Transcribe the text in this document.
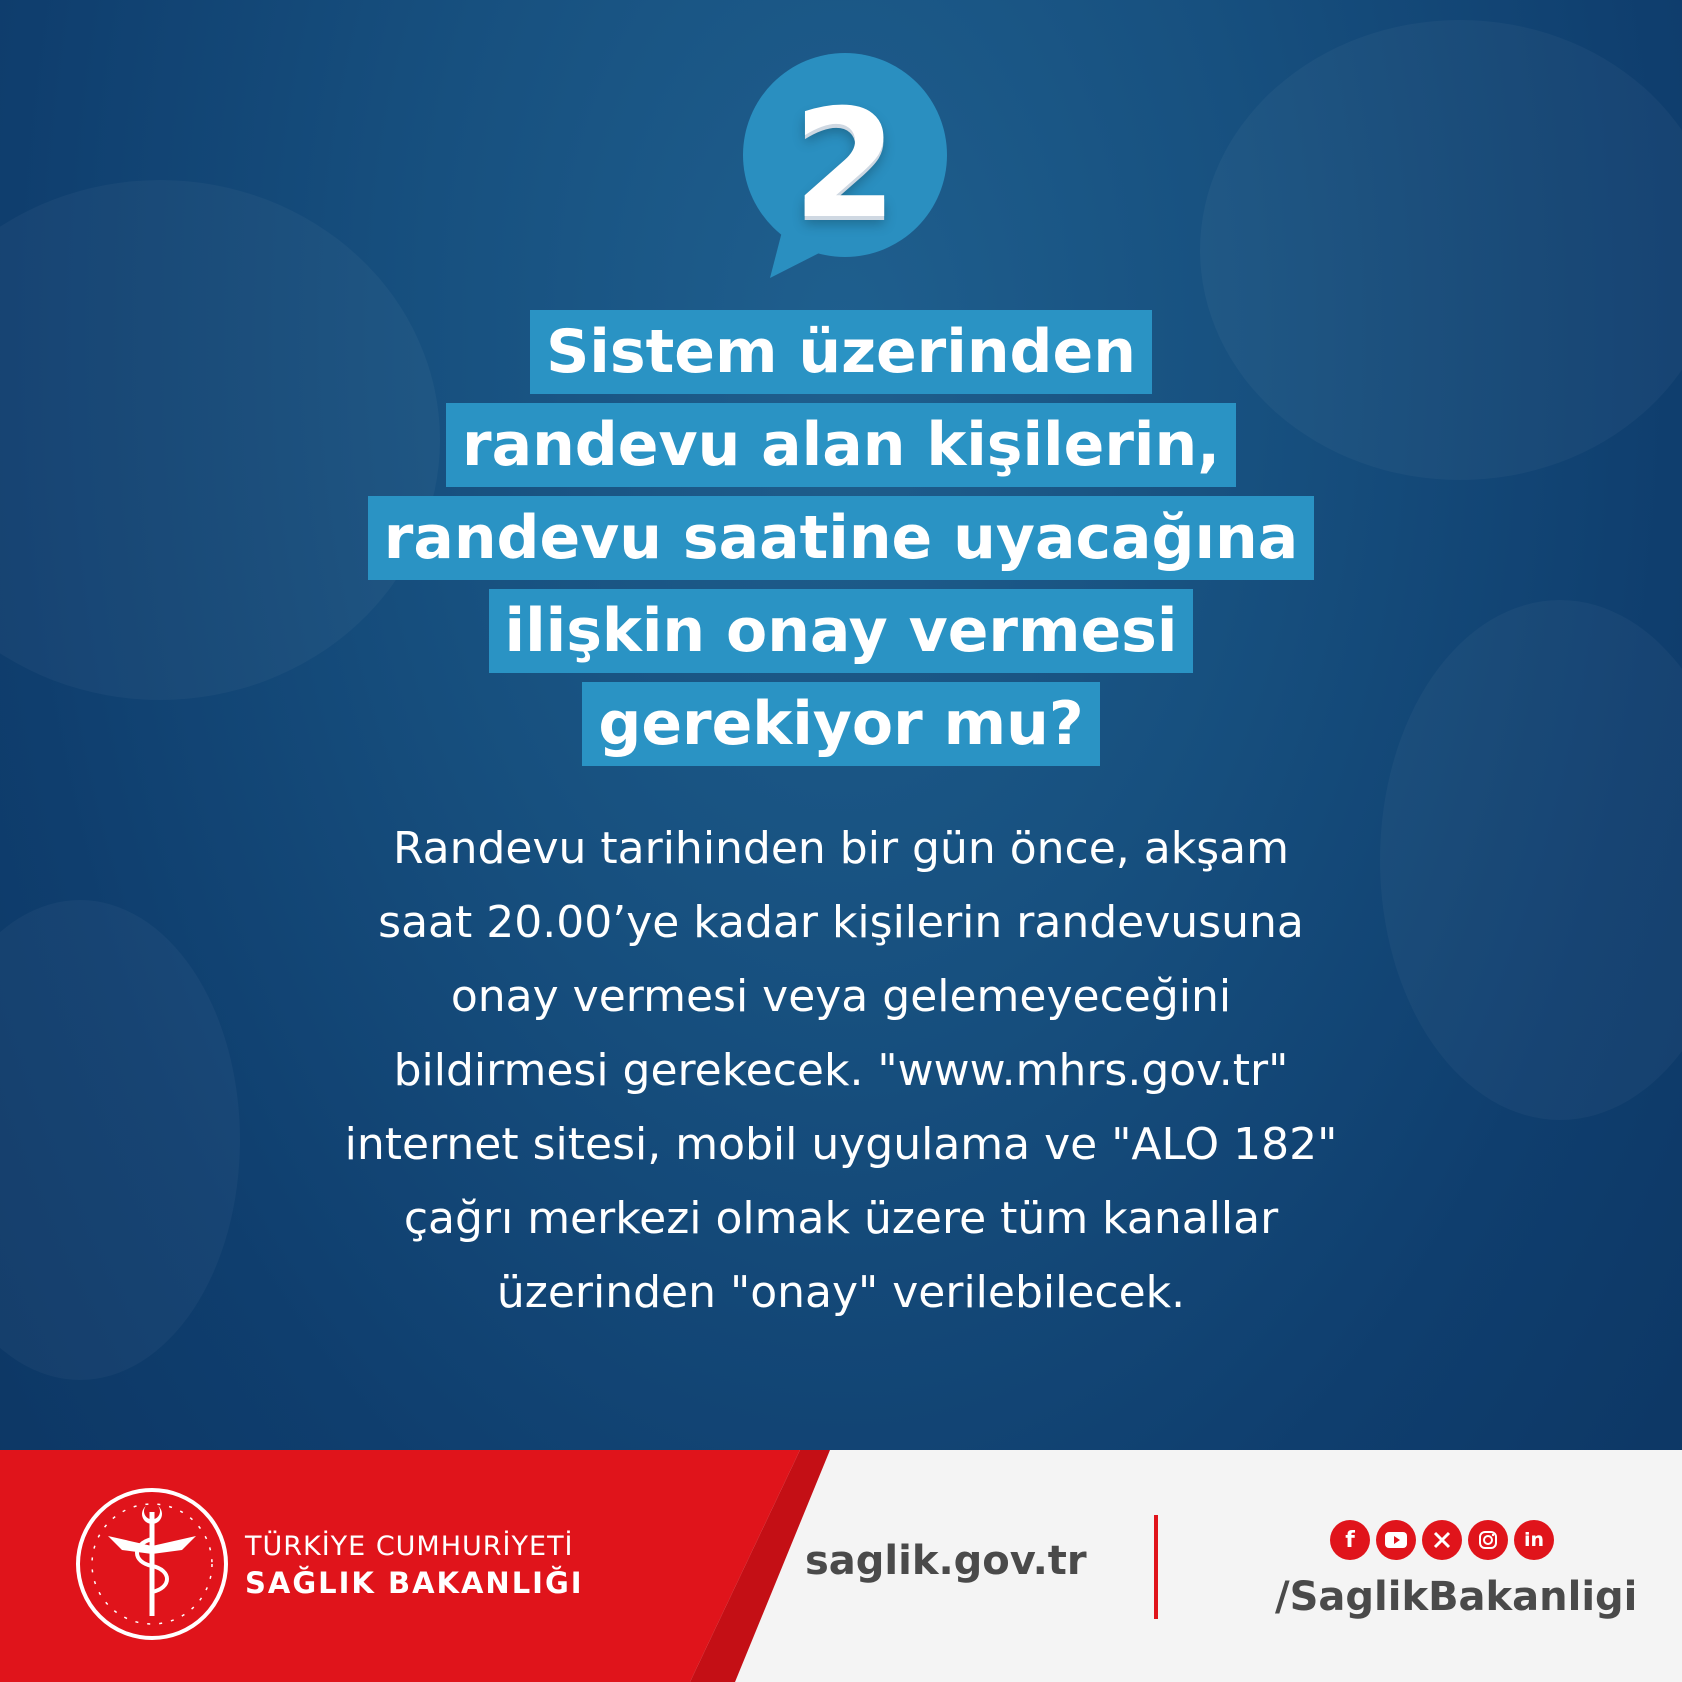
2
Sistem üzerinden
randevu alan kişilerin,
randevu saatine uyacağına
ilişkin onay vermesi
gerekiyor mu?
Randevu tarihinden bir gün önce, akşam
saat 20.00’ye kadar kişilerin randevusuna
onay vermesi veya gelemeyeceğini
bildirmesi gerekecek. "www.mhrs.gov.tr"
internet sitesi, mobil uygulama ve "ALO 182"
çağrı merkezi olmak üzere tüm kanallar
üzerinden "onay" verilebilecek.
TÜRKİYE CUMHURİYETİ
SAĞLIK BAKANLIĞI	saglik.gov.tr	f	in
/SaglikBakanligi
